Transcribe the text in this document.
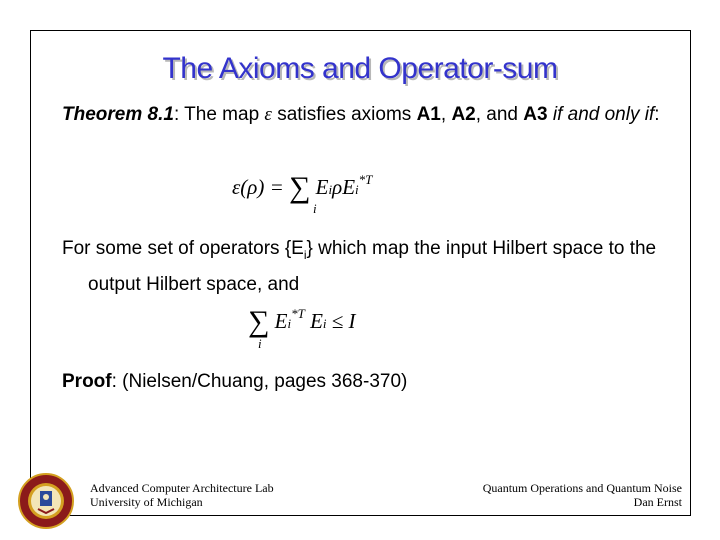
The Axioms and Operator-sum
Theorem 8.1: The map ε satisfies axioms A1, A2, and A3 if and only if:
ε(ρ) = ∑ EiρEi$^{*T}$
i
For some set of operators $\{E_i\}$ which map the input Hilbert space to the output Hilbert space, and
∑ $Ei^{*T}$ Ei ≤ I
i
Proof: (Nielsen/Chuang, pages 368-370)
Advanced Computer Architecture Lab
University of Michigan
Quantum Operations and Quantum Noise
Dan Ernst
